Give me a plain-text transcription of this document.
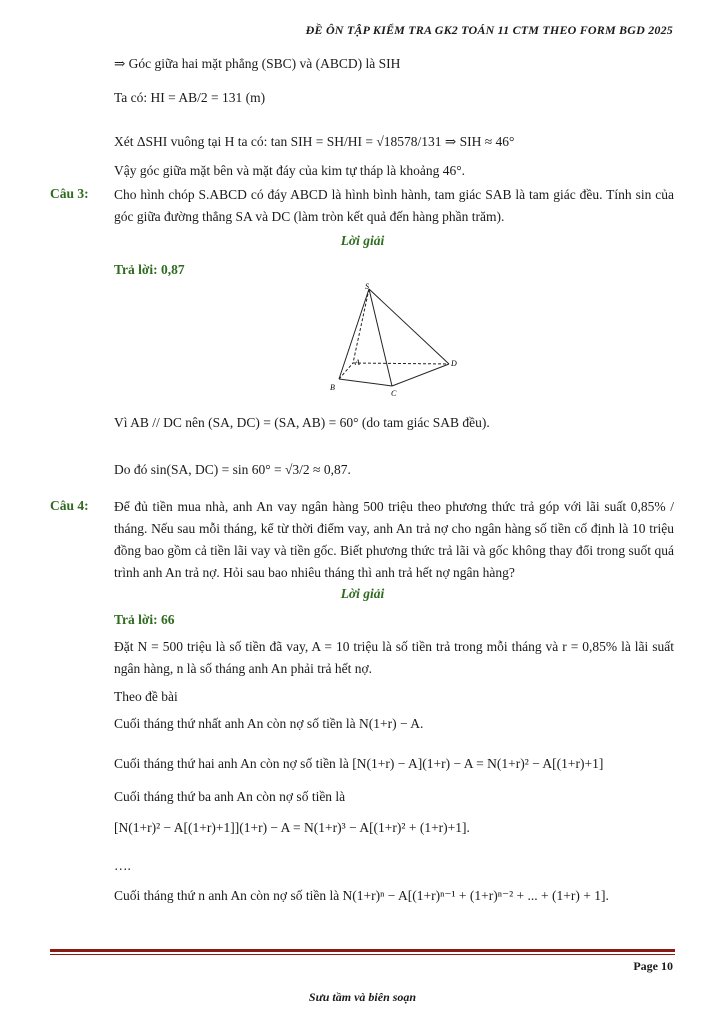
ĐỀ ÔN TẬP KIỂM TRA GK2 TOÁN 11 CTM THEO FORM BGD 2025
⇒ Góc giữa hai mặt phẳng (SBC) và (ABCD) là SIH
Ta có: HI = AB/2 = 131 (m)
Xét ΔSHI vuông tại H ta có: tan SIH = SH/HI = √18578/131 ⇒ SIH ≈ 46°
Vậy góc giữa mặt bên và mặt đáy của kim tự tháp là khoảng 46°.
Câu 3: Cho hình chóp S.ABCD có đáy ABCD là hình bình hành, tam giác SAB là tam giác đều. Tính sin của góc giữa đường thẳng SA và DC (làm tròn kết quả đến hàng phần trăm).
Lời giải
Trả lời: 0,87
S
A
B
C
D
Vì AB // DC nên (SA, DC) = (SA, AB) = 60° (do tam giác SAB đều).
Do đó sin(SA, DC) = sin 60° = √3/2 ≈ 0,87.
Câu 4: Để đủ tiền mua nhà, anh An vay ngân hàng 500 triệu theo phương thức trả góp với lãi suất 0,85% / tháng. Nếu sau mỗi tháng, kể từ thời điểm vay, anh An trả nợ cho ngân hàng số tiền cố định là 10 triệu đồng bao gồm cả tiền lãi vay và tiền gốc. Biết phương thức trả lãi và gốc không thay đổi trong suốt quá trình anh An trả nợ. Hỏi sau bao nhiêu tháng thì anh trả hết nợ ngân hàng?
Lời giải
Trả lời: 66
Đặt N = 500 triệu là số tiền đã vay, A = 10 triệu là số tiền trả trong mỗi tháng và r = 0,85% là lãi suất ngân hàng, n là số tháng anh An phải trả hết nợ.
Theo đề bài
Cuối tháng thứ nhất anh An còn nợ số tiền là N(1+r) − A.
Cuối tháng thứ hai anh An còn nợ số tiền là [N(1+r) − A](1+r) − A = N(1+r)² − A[(1+r)+1]
Cuối tháng thứ ba anh An còn nợ số tiền là
[N(1+r)² − A[(1+r)+1]](1+r) − A = N(1+r)³ − A[(1+r)² + (1+r)+1].
….
Cuối tháng thứ n anh An còn nợ số tiền là N(1+r)ⁿ − A[(1+r)ⁿ⁻¹ + (1+r)ⁿ⁻² + ... + (1+r) + 1].
Page 10
Sưu tầm và biên soạn
